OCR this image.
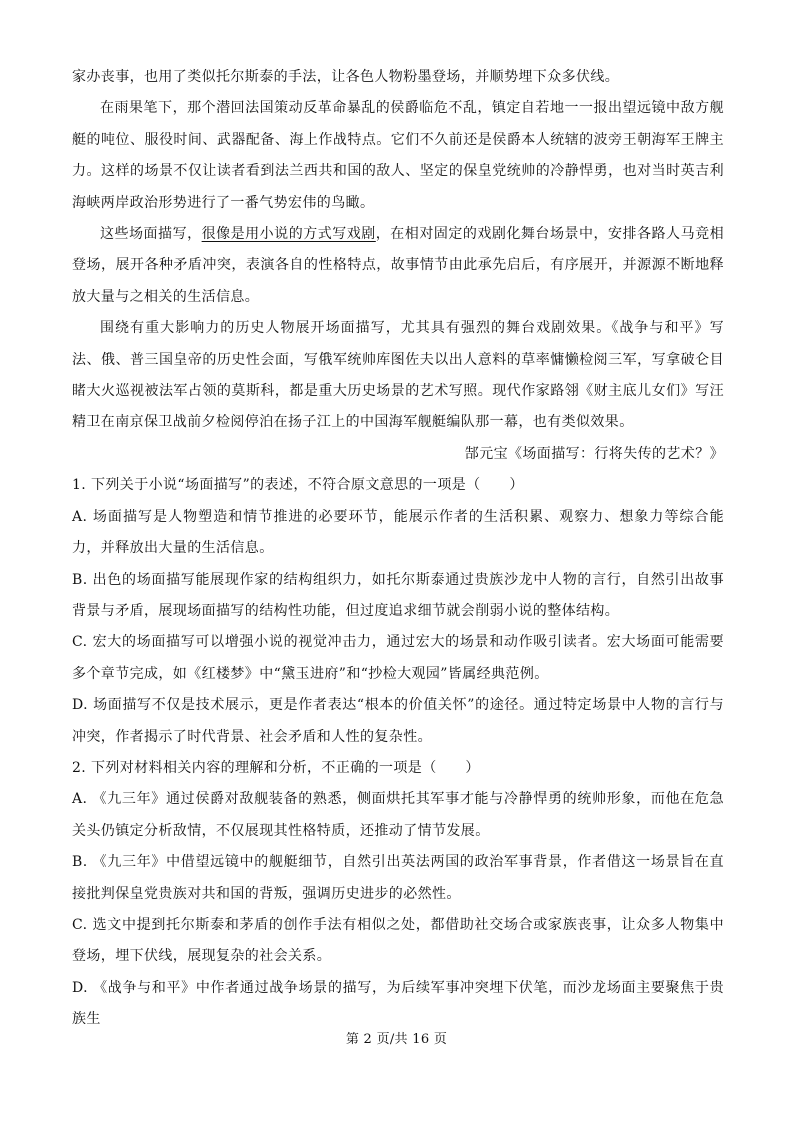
家办丧事，也用了类似托尔斯泰的手法，让各色人物粉墨登场，并顺势埋下众多伏线。

在雨果笔下，那个潜回法国策动反革命暴乱的侯爵临危不乱，镇定自若地一一报出望远镜中敌方舰艇的吨位、服役时间、武器配备、海上作战特点。它们不久前还是侯爵本人统辖的波旁王朝海军王牌主力。这样的场景不仅让读者看到法兰西共和国的敌人、坚定的保皇党统帅的冷静悍勇，也对当时英吉利海峡两岸政治形势进行了一番气势宏伟的鸟瞰。

这些场面描写，很像是用小说的方式写戏剧，在相对固定的戏剧化舞台场景中，安排各路人马竞相登场，展开各种矛盾冲突，表演各自的性格特点，故事情节由此承先启后，有序展开，并源源不断地释放大量与之相关的生活信息。

围绕有重大影响力的历史人物展开场面描写，尤其具有强烈的舞台戏剧效果。《战争与和平》写法、俄、普三国皇帝的历史性会面，写俄军统帅库图佐夫以出人意料的草率慵懒检阅三军，写拿破仑目睹大火巡视被法军占领的莫斯科，都是重大历史场景的艺术写照。现代作家路翎《财主底儿女们》写汪精卫在南京保卫战前夕检阅停泊在扬子江上的中国海军舰艇编队那一幕，也有类似效果。

郜元宝《场面描写：行将失传的艺术？》

1. 下列关于小说“场面描写”的表述，不符合原文意思的一项是（　　）

A. 场面描写是人物塑造和情节推进的必要环节，能展示作者的生活积累、观察力、想象力等综合能力，并释放出大量的生活信息。

B. 出色的场面描写能展现作家的结构组织力，如托尔斯泰通过贵族沙龙中人物的言行，自然引出故事背景与矛盾，展现场面描写的结构性功能，但过度追求细节就会削弱小说的整体结构。

C. 宏大的场面描写可以增强小说的视觉冲击力，通过宏大的场景和动作吸引读者。宏大场面可能需要多个章节完成，如《红楼梦》中“黛玉进府”和“抄检大观园”皆属经典范例。

D. 场面描写不仅是技术展示，更是作者表达“根本的价值关怀”的途径。通过特定场景中人物的言行与冲突，作者揭示了时代背景、社会矛盾和人性的复杂性。

2. 下列对材料相关内容的理解和分析，不正确的一项是（　　）

A. 《九三年》通过侯爵对敌舰装备的熟悉，侧面烘托其军事才能与冷静悍勇的统帅形象，而他在危急关头仍镇定分析敌情，不仅展现其性格特质，还推动了情节发展。

B. 《九三年》中借望远镜中的舰艇细节，自然引出英法两国的政治军事背景，作者借这一场景旨在直接批判保皇党贵族对共和国的背叛，强调历史进步的必然性。

C. 选文中提到托尔斯泰和茅盾的创作手法有相似之处，都借助社交场合或家族丧事，让众多人物集中登场，埋下伏线，展现复杂的社会关系。

D. 《战争与和平》中作者通过战争场景的描写，为后续军事冲突埋下伏笔，而沙龙场面主要聚焦于贵族生

第 2 页/共 16 页
